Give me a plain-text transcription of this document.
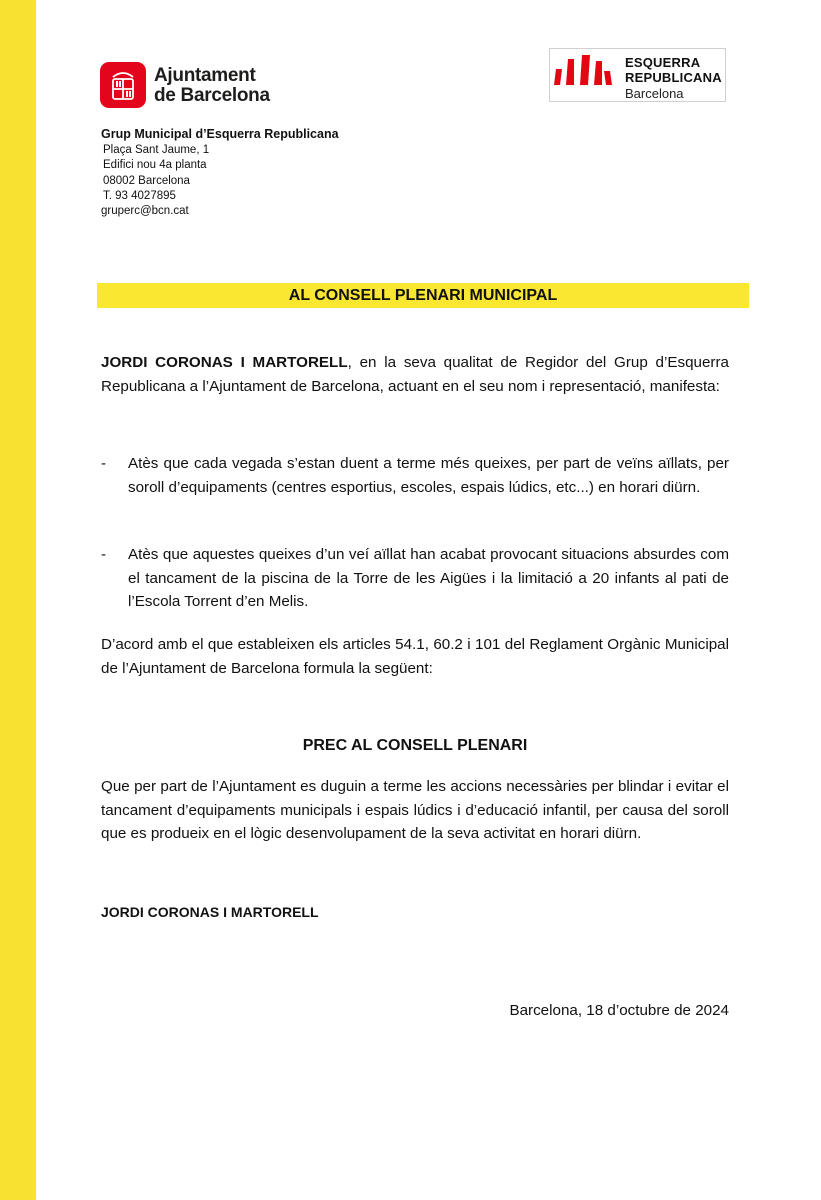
Ajuntament
de Barcelona
ESQUERRA
REPUBLICANA
Barcelona
Grup Municipal d’Esquerra Republicana
Plaça Sant Jaume, 1
Edifici nou 4a planta
08002 Barcelona
T. 93 4027895
gruperc@bcn.cat
AL CONSELL PLENARI MUNICIPAL
JORDI CORONAS I MARTORELL, en la seva qualitat de Regidor del Grup d’Esquerra Republicana a l’Ajuntament de Barcelona, actuant en el seu nom i representació, manifesta:
- Atès que cada vegada s’estan duent a terme més queixes, per part de veïns aïllats, per soroll d’equipaments (centres esportius, escoles, espais lúdics, etc...) en horari diürn.
- Atès que aquestes queixes d’un veí aïllat han acabat provocant situacions absurdes com el tancament de la piscina de la Torre de les Aigües i la limitació a 20 infants al pati de l’Escola Torrent d’en Melis.
D’acord amb el que estableixen els articles 54.1, 60.2 i 101 del Reglament Orgànic Municipal de l’Ajuntament de Barcelona formula la següent:
PREC AL CONSELL PLENARI
Que per part de l’Ajuntament es duguin a terme les accions necessàries per blindar i evitar el tancament d’equipaments municipals i espais lúdics i d’educació infantil, per causa del soroll que es produeix en el lògic desenvolupament de la seva activitat en horari diürn.
JORDI CORONAS I MARTORELL
Barcelona, 18 d’octubre de 2024
